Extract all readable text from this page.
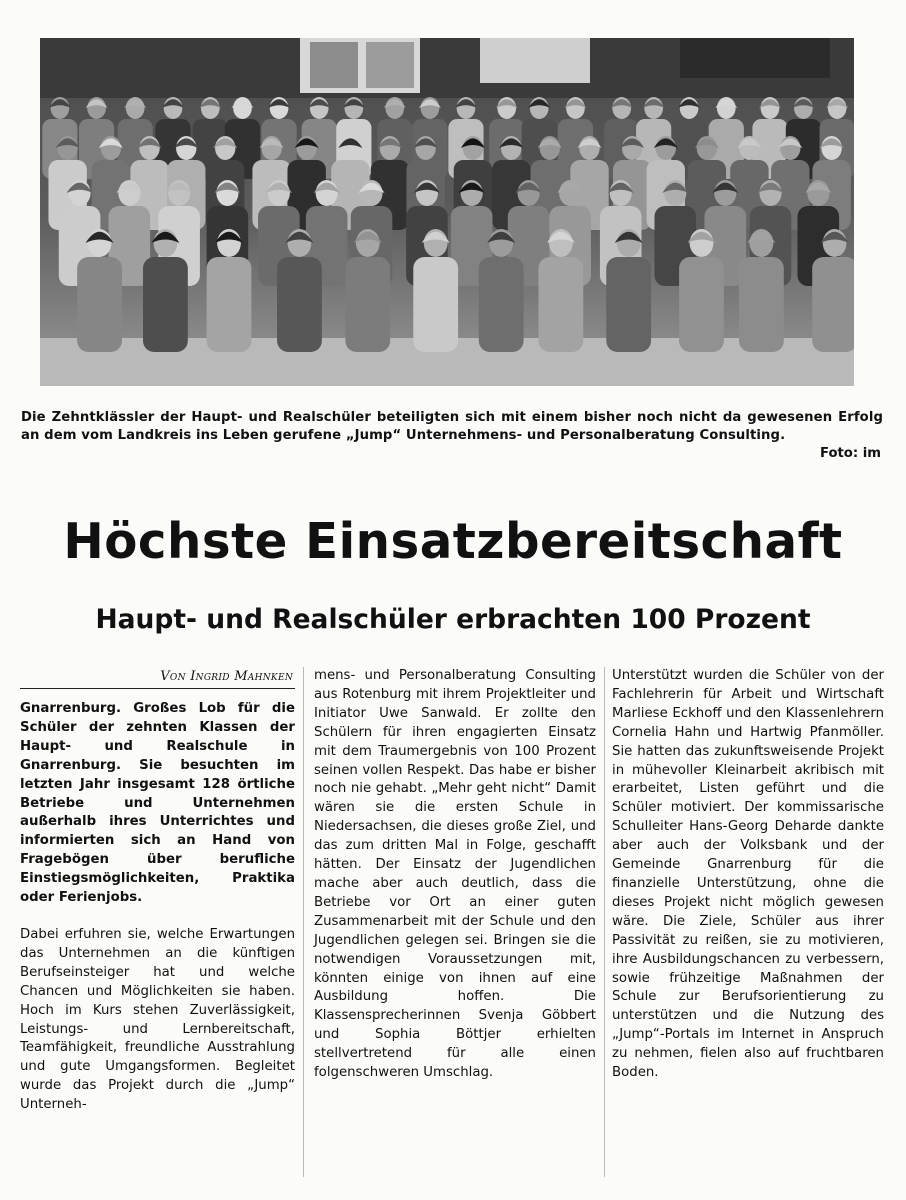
Die Zehntklässler der Haupt- und Realschüler beteiligten sich mit einem bisher noch nicht da gewesenen Erfolg an dem vom Landkreis ins Leben gerufene „Jump“ Unternehmens- und Personalberatung Consulting.
Foto: im
Höchste Einsatzbereitschaft
Haupt- und Realschüler erbrachten 100 Prozent
Von Ingrid Mahnken

Gnarrenburg. Großes Lob für die Schüler der zehnten Klassen der Haupt- und Realschule in Gnarrenburg. Sie besuchten im letzten Jahr insgesamt 128 örtliche Betriebe und Unternehmen außerhalb ihres Unterrichtes und informierten sich an Hand von Fragebögen über berufliche Einstiegsmöglichkeiten, Praktika oder Ferienjobs.

Dabei erfuhren sie, welche Erwartungen das Unternehmen an die künftigen Berufseinsteiger hat und welche Chancen und Möglichkeiten sie haben. Hoch im Kurs stehen Zuverlässigkeit, Leistungs- und Lernbereitschaft, Teamfähigkeit, freundliche Ausstrahlung und gute Umgangsformen. Begleitet wurde das Projekt durch die „Jump“ Unterneh-

mens- und Personalberatung Consulting aus Rotenburg mit ihrem Projektleiter und Initiator Uwe Sanwald. Er zollte den Schülern für ihren engagierten Einsatz mit dem Traumergebnis von 100 Prozent seinen vollen Respekt. Das habe er bisher noch nie gehabt. „Mehr geht nicht“ Damit wären sie die ersten Schule in Niedersachsen, die dieses große Ziel, und das zum dritten Mal in Folge, geschafft hätten. Der Einsatz der Jugendlichen mache aber auch deutlich, dass die Betriebe vor Ort an einer guten Zusammenarbeit mit der Schule und den Jugendlichen gelegen sei. Bringen sie die notwendigen Voraussetzungen mit, könnten einige von ihnen auf eine Ausbildung hoffen. Die Klassensprecherinnen Svenja Göbbert und Sophia Böttjer erhielten stellvertretend für alle einen folgenschweren Umschlag.

Unterstützt wurden die Schüler von der Fachlehrerin für Arbeit und Wirtschaft Marliese Eckhoff und den Klassenlehrern Cornelia Hahn und Hartwig Pfanmöller. Sie hatten das zukunftsweisende Projekt in mühevoller Kleinarbeit akribisch mit erarbeitet, Listen geführt und die Schüler motiviert. Der kommissarische Schulleiter Hans-Georg Deharde dankte aber auch der Volksbank und der Gemeinde Gnarrenburg für die finanzielle Unterstützung, ohne die dieses Projekt nicht möglich gewesen wäre. Die Ziele, Schüler aus ihrer Passivität zu reißen, sie zu motivieren, ihre Ausbildungschancen zu verbessern, sowie frühzeitige Maßnahmen der Schule zur Berufsorientierung zu unterstützen und die Nutzung des „Jump“-Portals im Internet in Anspruch zu nehmen, fielen also auf fruchtbaren Boden.
